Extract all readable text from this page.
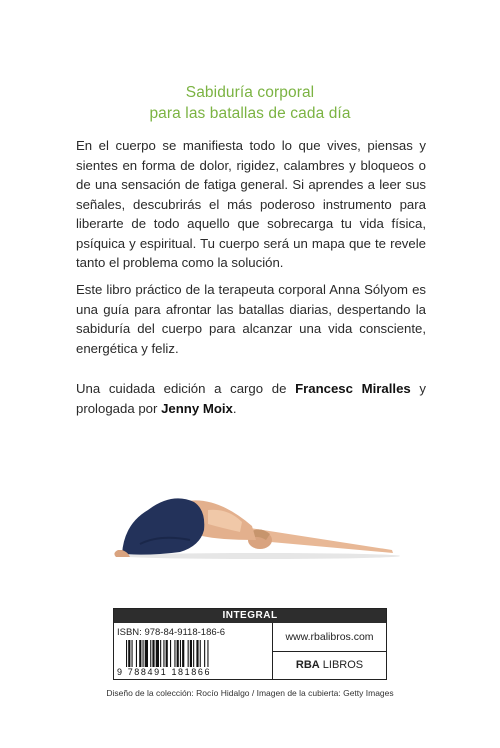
Sabiduría corporal
para las batallas de cada día
En el cuerpo se manifiesta todo lo que vives, piensas y sientes en forma de dolor, rigidez, calambres y bloqueos o de una sensación de fatiga general. Si aprendes a leer sus señales, descubrirás el más poderoso instrumento para liberarte de todo aquello que sobrecarga tu vida física, psíquica y espiritual. Tu cuerpo será un mapa que te revele tanto el problema como la solución.
Este libro práctico de la terapeuta corporal Anna Sólyom es una guía para afrontar las batallas diarias, despertando la sabiduría del cuerpo para alcanzar una vida consciente, energética y feliz.
Una cuidada edición a cargo de Francesc Miralles y prologada por Jenny Moix.
INTEGRAL
ISBN: 978-84-9118-186-6
9 788491 181866
www.rbalibros.com
RBA LIBROS
Diseño de la colección: Rocío Hidalgo / Imagen de la cubierta: Getty Images
